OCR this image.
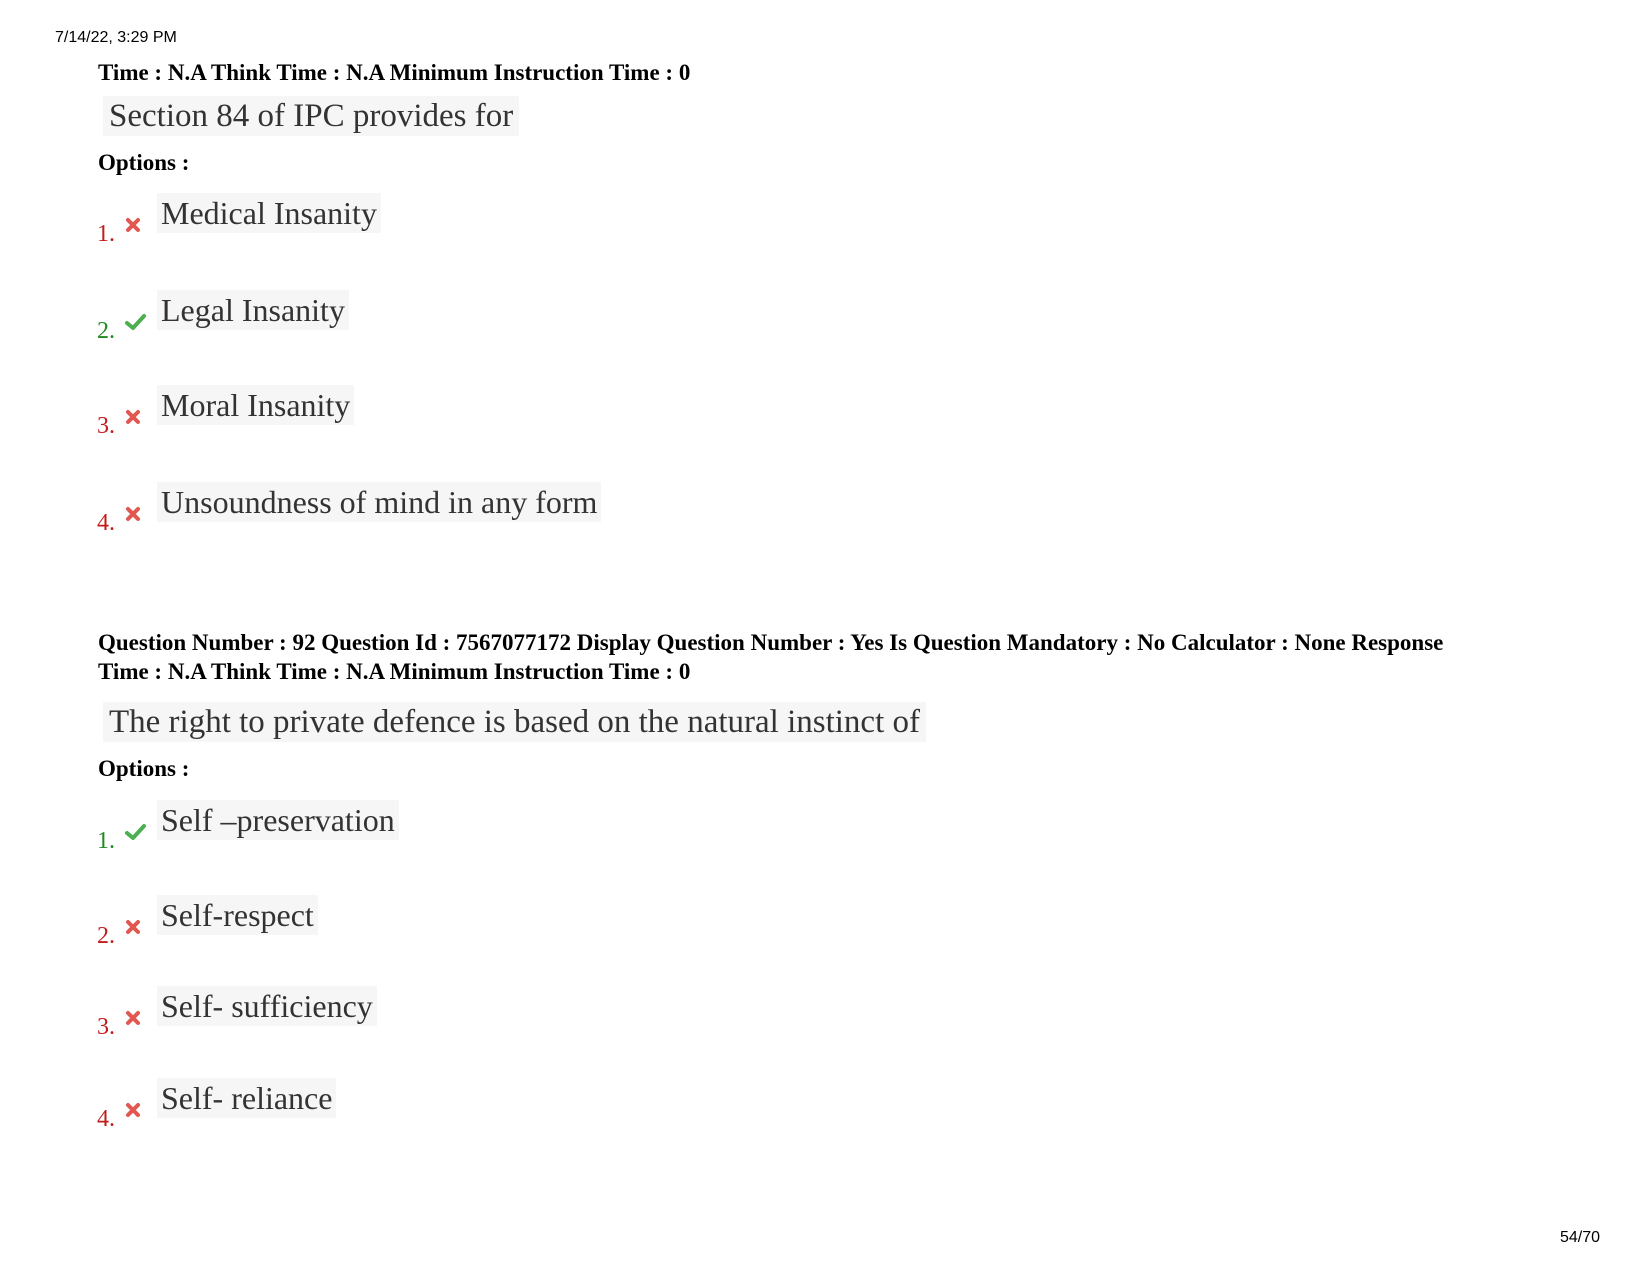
7/14/22, 3:29 PM
Time : N.A Think Time : N.A Minimum Instruction Time : 0
Section 84 of IPC provides for
Options :
1.
Medical Insanity
2.
Legal Insanity
3.
Moral Insanity
4.
Unsoundness of mind in any form
Question Number : 92 Question Id : 7567077172 Display Question Number : Yes Is Question Mandatory : No Calculator : None Response
Time : N.A Think Time : N.A Minimum Instruction Time : 0
The right to private defence is based on the natural instinct of
Options :
1.
Self –preservation
2.
Self-respect
3.
Self- sufficiency
4.
Self- reliance
54/70
